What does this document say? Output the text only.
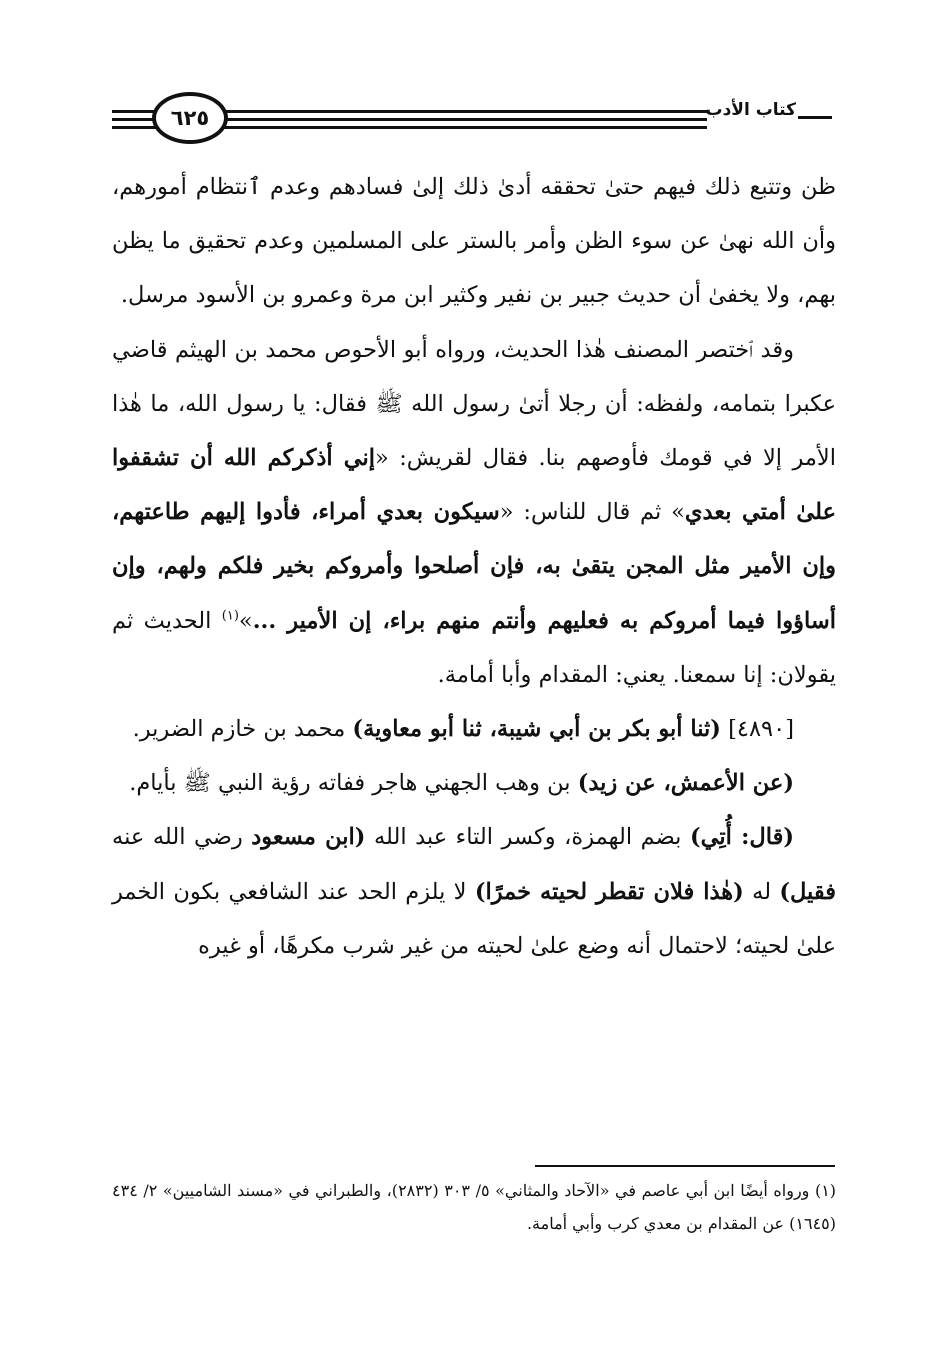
٦٢٥	كتاب الأدب

ظن وتتبع ذلك فيهم حتىٰ تحققه أدىٰ ذلك إلىٰ فسادهم وعدم ٱنتظام أمورهم، وأن الله نهىٰ عن سوء الظن وأمر بالستر على المسلمين وعدم تحقيق ما يظن بهم، ولا يخفىٰ أن حديث جبير بن نفير وكثير ابن مرة وعمرو بن الأسود مرسل.

وقد ٱختصر المصنف هٰذا الحديث، ورواه أبو الأحوص محمد بن الهيثم قاضي عكبرا بتمامه، ولفظه: أن رجلا أتىٰ رسول الله ﷺ فقال: يا رسول الله، ما هٰذا الأمر إلا في قومك فأوصهم بنا. فقال لقريش: «إني أذكركم الله أن تشقفوا علىٰ أمتي بعدي» ثم قال للناس: «سيكون بعدي أمراء، فأدوا إليهم طاعتهم، وإن الأمير مثل المجن يتقىٰ به، فإن أصلحوا وأمروكم بخير فلكم ولهم، وإن أساؤوا فيما أمروكم به فعليهم وأنتم منهم براء، إن الأمير ...»$^{(١)}$ الحديث ثم يقولان: إنا سمعنا. يعني: المقدام وأبا أمامة.

[٤٨٩٠] (ثنا أبو بكر بن أبي شيبة، ثنا أبو معاوية) محمد بن خازم الضرير.

(عن الأعمش، عن زيد) بن وهب الجهني هاجر ففاته رؤية النبي ﷺ بأيام.

(قال: أُتِي) بضم الهمزة، وكسر التاء عبد الله (ابن مسعود رضي الله عنه فقيل) له (هٰذا فلان تقطر لحيته خمرًا) لا يلزم الحد عند الشافعي بكون الخمر علىٰ لحيته؛ لاحتمال أنه وضع علىٰ لحيته من غير شرب مكرهًا، أو غيره

(١) ورواه أيضًا ابن أبي عاصم في «الآحاد والمثاني» ٥/ ٣٠٣ (٢٨٣٢)، والطبراني في «مسند الشاميين» ٢/ ٤٣٤ (١٦٤٥) عن المقدام بن معدي كرب وأبي أمامة.
